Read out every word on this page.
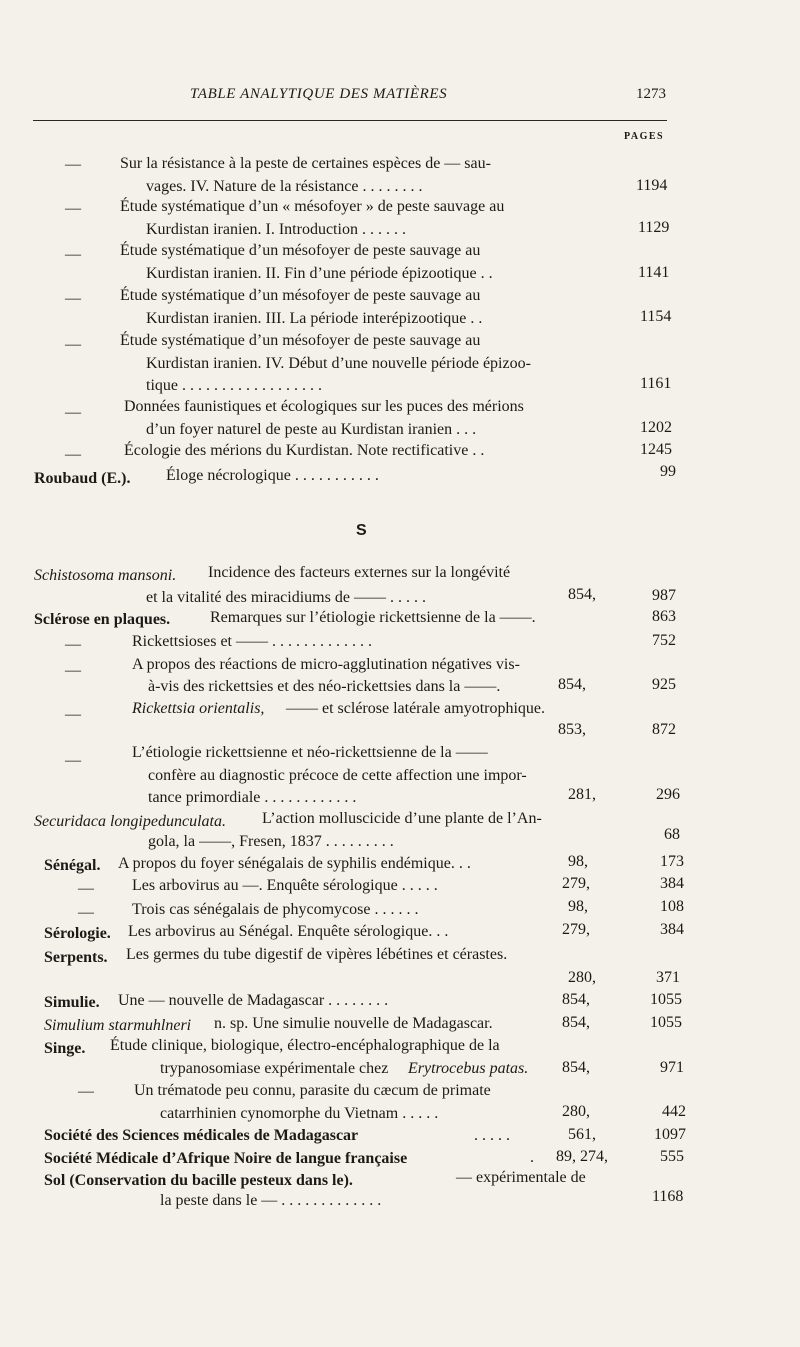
TABLE ANALYTIQUE DES MATIÈRES	1273
PAGES
— Sur la résistance à la peste de certaines espèces de — sau-
vages. IV. Nature de la résistance . . . . . . . .	1194
— Étude systématique d’un « mésofoyer » de peste sauvage au
Kurdistan iranien. I. Introduction . . . . . .	1129
— Étude systématique d’un mésofoyer de peste sauvage au
Kurdistan iranien. II. Fin d’une période épizootique . .	1141
— Étude systématique d’un mésofoyer de peste sauvage au
Kurdistan iranien. III. La période interépizootique . .	1154
— Étude systématique d’un mésofoyer de peste sauvage au
Kurdistan iranien. IV. Début d’une nouvelle période épizoo-
tique . . . . . . . . . . . . . . . . . .	1161
—	Données faunistiques et écologiques sur les puces des mérions
d’un foyer naturel de peste au Kurdistan iranien . . .	1202
—	Écologie des mérions du Kurdistan. Note rectificative . .	1245
Roubaud (E.). Éloge nécrologique . . . . . . . . . . .	99
S
Schistosoma mansoni. Incidence des facteurs externes sur la longévité
et la vitalité des miracidiums de —— . . . . .	854,	987
Sclérose en plaques. Remarques sur l’étiologie rickettsienne de la ——.	863
—	Rickettsioses et —— . . . . . . . . . . . . .	752
—	A propos des réactions de micro-agglutination négatives vis-
à-vis des rickettsies et des néo-rickettsies dans la ——.	854,	925
—	Rickettsia orientalis, —— et sclérose latérale amyotrophique.
853,	872
—	L’étiologie rickettsienne et néo-rickettsienne de la ——
confère au diagnostic précoce de cette affection une impor-
tance primordiale . . . . . . . . . . . .	281,	296
Securidaca longipedunculata. L’action molluscicide d’une plante de l’An-
gola, la ——, Fresen, 1837 . . . . . . . . .	68
Sénégal. A propos du foyer sénégalais de syphilis endémique. . .	98,	173
— Les arbovirus au —. Enquête sérologique . . . . .	279,	384
— Trois cas sénégalais de phycomycose . . . . . .	98,	108
Sérologie. Les arbovirus au Sénégal. Enquête sérologique. . .	279,	384
Serpents. Les germes du tube digestif de vipères lébétines et cérastes.
280,	371
Simulie. Une — nouvelle de Madagascar . . . . . . . .	854,	1055
Simulium starmuhlneri n. sp. Une simulie nouvelle de Madagascar.	854,	1055
Singe. Étude clinique, biologique, électro-encéphalographique de la
trypanosomiase expérimentale chez Erytrocebus patas. 854,	971
—	Un trématode peu connu, parasite du cæcum de primate
catarrhinien cynomorphe du Vietnam . . . . .	280,	442
Société des Sciences médicales de Madagascar	. . . . .	561,	1097
Société Médicale d’Afrique Noire de langue française	. 89, 274,	555
Sol (Conservation du bacille pesteux dans le).	— expérimentale de
la peste dans le — . . . . . . . . . . . . .	1168
